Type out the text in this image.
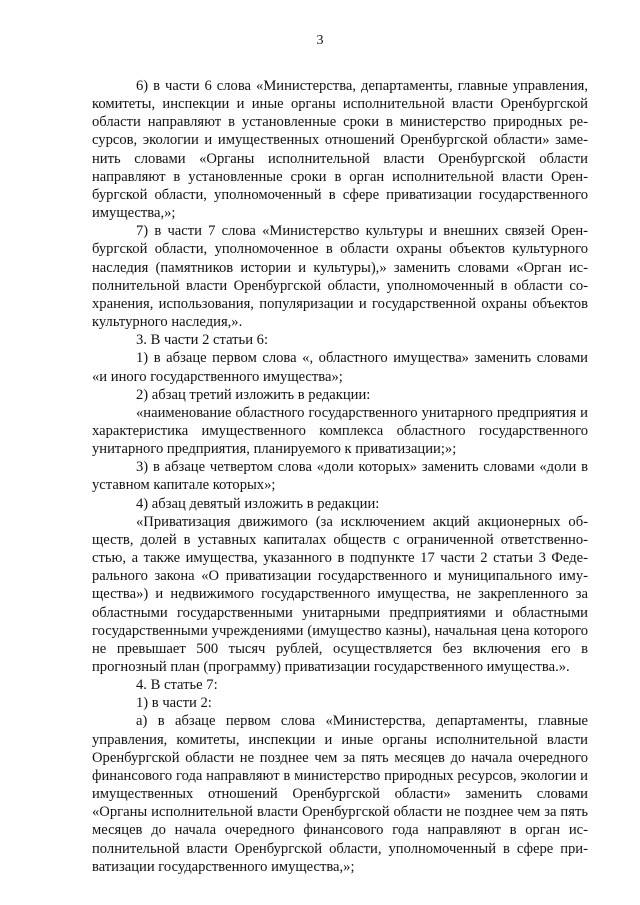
3

6) в части 6 слова «Министерства, департаменты, главные управления, комитеты, инспекции и иные органы исполнительной власти Оренбургской области направляют в установленные сроки в министерство природных ресурсов, экологии и имущественных отношений Оренбургской области» заменить словами «Органы исполнительной власти Оренбургской области направляют в установленные сроки в орган исполнительной власти Оренбургской области, уполномоченный в сфере приватизации государственного имущества,»;

7) в части 7 слова «Министерство культуры и внешних связей Оренбургской области, уполномоченное в области охраны объектов культурного наследия (памятников истории и культуры),» заменить словами «Орган исполнительной власти Оренбургской области, уполномоченный в области сохранения, использования, популяризации и государственной охраны объектов культурного наследия,».

3. В части 2 статьи 6:

1) в абзаце первом слова «, областного имущества» заменить словами «и иного государственного имущества»;

2) абзац третий изложить в редакции:

«наименование областного государственного унитарного предприятия и характеристика имущественного комплекса областного государственного унитарного предприятия, планируемого к приватизации;»;

3) в абзаце четвертом слова «доли которых» заменить словами «доли в уставном капитале которых»;

4) абзац девятый изложить в редакции:

«Приватизация движимого (за исключением акций акционерных обществ, долей в уставных капиталах обществ с ограниченной ответственностью, а также имущества, указанного в подпункте 17 части 2 статьи 3 Федерального закона «О приватизации государственного и муниципального имущества») и недвижимого государственного имущества, не закрепленного за областными государственными унитарными предприятиями и областными государственными учреждениями (имущество казны), начальная цена которого не превышает 500 тысяч рублей, осуществляется без включения его в прогнозный план (программу) приватизации государственного имущества.».

4. В статье 7:

1) в части 2:

а) в абзаце первом слова «Министерства, департаменты, главные управления, комитеты, инспекции и иные органы исполнительной власти Оренбургской области не позднее чем за пять месяцев до начала очередного финансового года направляют в министерство природных ресурсов, экологии и имущественных отношений Оренбургской области» заменить словами «Органы исполнительной власти Оренбургской области не позднее чем за пять месяцев до начала очередного финансового года направляют в орган исполнительной власти Оренбургской области, уполномоченный в сфере приватизации государственного имущества,»;
